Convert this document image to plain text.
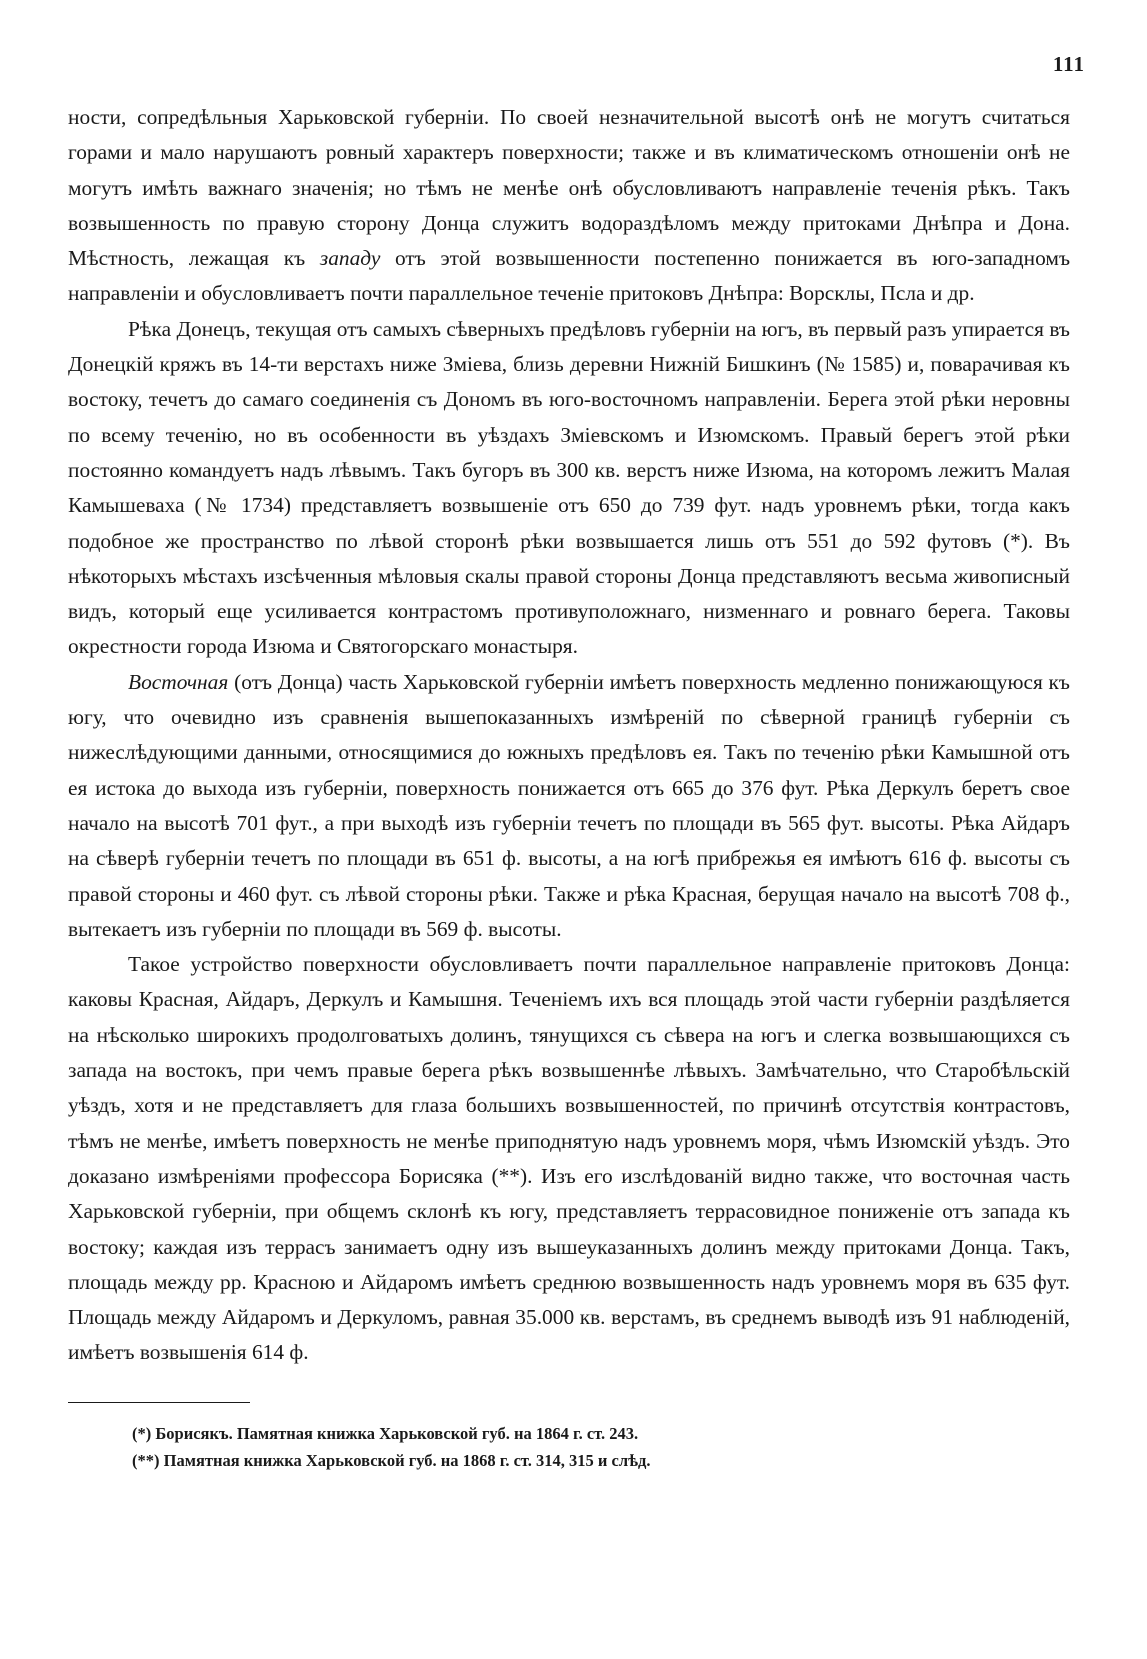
111

ности, сопредѣльныя Харьковской губерніи. По своей незначительной высотѣ онѣ не могутъ считаться горами и мало нарушаютъ ровный характеръ поверхности; также и въ климатическомъ отношеніи онѣ не могутъ имѣть важнаго значенія; но тѣмъ не менѣе онѣ обусловливаютъ направленіе теченія рѣкъ. Такъ возвышенность по правую сторону Донца служитъ водораздѣломъ между притоками Днѣпра и Дона. Мѣстность, лежащая къ западу отъ этой возвышенности постепенно понижается въ юго-западномъ направленіи и обусловливаетъ почти параллельное теченіе притоковъ Днѣпра: Ворсклы, Псла и др.

Рѣка Донецъ, текущая отъ самыхъ сѣверныхъ предѣловъ губерніи на югъ, въ первый разъ упирается въ Донецкій кряжъ въ 14-ти верстахъ ниже Змiева, близь деревни Нижній Бишкинъ (№ 1585) и, поварачивая къ востоку, течетъ до самаго соединенія съ Дономъ въ юго-восточномъ направленіи. Берега этой рѣки неровны по всему теченію, но въ особенности въ уѣздахъ Зміевскомъ и Изюмскомъ. Правый берегъ этой рѣки постоянно командуетъ надъ лѣвымъ. Такъ бугоръ въ 300 кв. верстъ ниже Изюма, на которомъ лежитъ Малая Камышеваха (№ 1734) представляетъ возвышеніе отъ 650 до 739 фут. надъ уровнемъ рѣки, тогда какъ подобное же пространство по лѣвой сторонѣ рѣки возвышается лишь отъ 551 до 592 футовъ (*). Въ нѣкоторыхъ мѣстахъ изсѣченныя мѣловыя скалы правой стороны Донца представляютъ весьма живописный видъ, который еще усиливается контрастомъ противуположнаго, низменнаго и ровнаго берега. Таковы окрестности города Изюма и Святогорскаго монастыря.

Восточная (отъ Донца) часть Харьковской губерніи имѣетъ поверхность медленно понижающуюся къ югу, что очевидно изъ сравненія вышепоказанныхъ измѣреній по сѣверной границѣ губерніи съ нижеслѣдующими данными, относящимися до южныхъ предѣловъ ея. Такъ по теченію рѣки Камышной отъ ея истока до выхода изъ губерніи, поверхность понижается отъ 665 до 376 фут. Рѣка Деркулъ беретъ свое начало на высотѣ 701 фут., а при выходѣ изъ губерніи течетъ по площади въ 565 фут. высоты. Рѣка Айдаръ на сѣверѣ губерніи течетъ по площади въ 651 ф. высоты, а на югѣ прибрежья ея имѣютъ 616 ф. высоты съ правой стороны и 460 фут. съ лѣвой стороны рѣки. Также и рѣка Красная, берущая начало на высотѣ 708 ф., вытекаетъ изъ губерніи по площади въ 569 ф. высоты.

Такое устройство поверхности обусловливаетъ почти параллельное направленіе притоковъ Донца: каковы Красная, Айдаръ, Деркулъ и Камышня. Теченіемъ ихъ вся площадь этой части губерніи раздѣляется на нѣсколько широкихъ продолговатыхъ долинъ, тянущихся съ сѣвера на югъ и слегка возвышающихся съ запада на востокъ, при чемъ правые берега рѣкъ возвышеннѣе лѣвыхъ. Замѣчательно, что Старобѣльскій уѣздъ, хотя и не представляетъ для глаза большихъ возвышенностей, по причинѣ отсутствія контрастовъ, тѣмъ не менѣе, имѣетъ поверхность не менѣе приподнятую надъ уровнемъ моря, чѣмъ Изюмскій уѣздъ. Это доказано измѣреніями профессора Борисяка (**). Изъ его изслѣдованій видно также, что восточная часть Харьковской губерніи, при общемъ склонѣ къ югу, представляетъ террасовидное пониженіе отъ запада къ востоку; каждая изъ террасъ занимаетъ одну изъ вышеуказанныхъ долинъ между притоками Донца. Такъ, площадь между рр. Красною и Айдаромъ имѣетъ среднюю возвышенность надъ уровнемъ моря въ 635 фут. Площадь между Айдаромъ и Деркуломъ, равная 35.000 кв. верстамъ, въ среднемъ выводѣ изъ 91 наблюденій, имѣетъ возвышенія 614 ф.

(*) Борисякъ. Памятная книжка Харьковской губ. на 1864 г. ст. 243.
(**) Памятная книжка Харьковской губ. на 1868 г. ст. 314, 315 и слѣд.
